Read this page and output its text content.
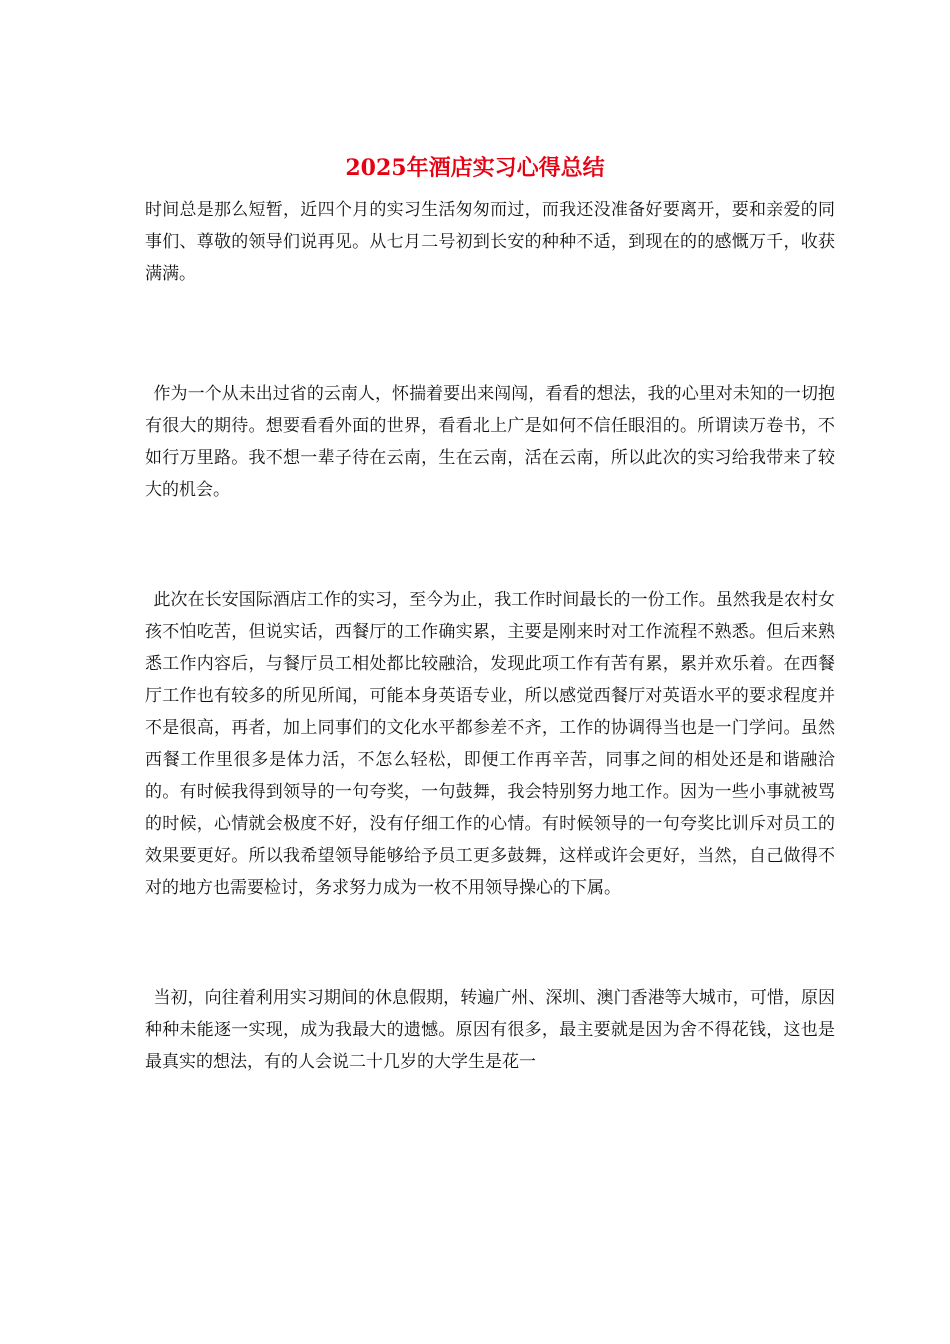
2025年酒店实习心得总结

时间总是那么短暂，近四个月的实习生活匆匆而过，而我还没准备好要离开，要和亲爱的同事们、尊敬的领导们说再见。从七月二号初到长安的种种不适，到现在的的感慨万千，收获满满。

作为一个从未出过省的云南人，怀揣着要出来闯闯，看看的想法，我的心里对未知的一切抱有很大的期待。想要看看外面的世界，看看北上广是如何不信任眼泪的。所谓读万卷书，不如行万里路。我不想一辈子待在云南，生在云南，活在云南，所以此次的实习给我带来了较大的机会。

此次在长安国际酒店工作的实习，至今为止，我工作时间最长的一份工作。虽然我是农村女孩不怕吃苦，但说实话，西餐厅的工作确实累，主要是刚来时对工作流程不熟悉。但后来熟悉工作内容后，与餐厅员工相处都比较融洽，发现此项工作有苦有累，累并欢乐着。在西餐厅工作也有较多的所见所闻，可能本身英语专业，所以感觉西餐厅对英语水平的要求程度并不是很高，再者，加上同事们的文化水平都参差不齐，工作的协调得当也是一门学问。虽然西餐工作里很多是体力活，不怎么轻松，即便工作再辛苦，同事之间的相处还是和谐融洽的。有时候我得到领导的一句夸奖，一句鼓舞，我会特别努力地工作。因为一些小事就被骂的时候，心情就会极度不好，没有仔细工作的心情。有时候领导的一句夸奖比训斥对员工的效果要更好。所以我希望领导能够给予员工更多鼓舞，这样或许会更好，当然，自己做得不对的地方也需要检讨，务求努力成为一枚不用领导操心的下属。

当初，向往着利用实习期间的休息假期，转遍广州、深圳、澳门香港等大城市，可惜，原因种种未能逐一实现，成为我最大的遗憾。原因有很多，最主要就是因为舍不得花钱，这也是最真实的想法，有的人会说二十几岁的大学生是花一
